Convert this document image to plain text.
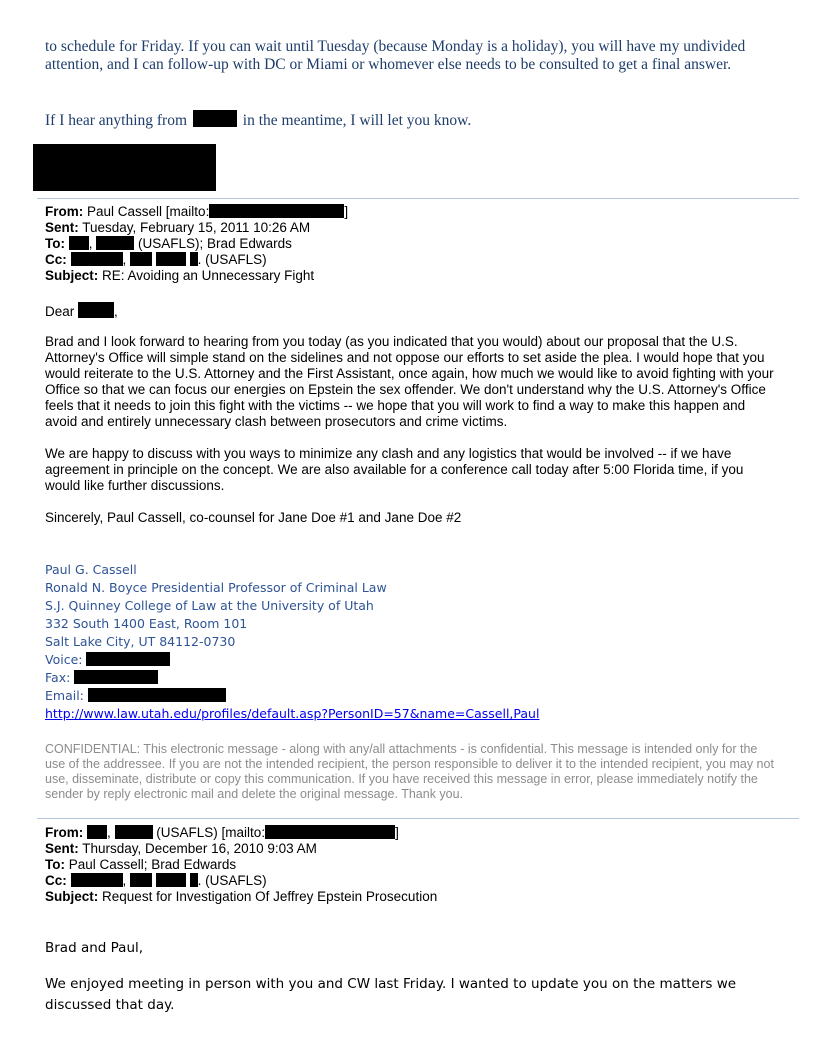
to schedule for Friday. If you can wait until Tuesday (because Monday is a holiday), you will have my undivided attention, and I can follow-up with DC or Miami or whomever else needs to be consulted to get a final answer.
If I hear anything from	in the meantime, I will let you know.
From: Paul Cassell [mailto:	]
Sent: Tuesday, February 15, 2011 10:26 AM
To: ,	(USAFLS); Brad Edwards
Cc:	,	. (USAFLS)
Subject: RE: Avoiding an Unnecessary Fight
Dear	,

Brad and I look forward to hearing from you today (as you indicated that you would) about our proposal that the U.S. Attorney's Office will simple stand on the sidelines and not oppose our efforts to set aside the plea. I would hope that you would reiterate to the U.S. Attorney and the First Assistant, once again, how much we would like to avoid fighting with your Office so that we can focus our energies on Epstein the sex offender. We don't understand why the U.S. Attorney's Office feels that it needs to join this fight with the victims -- we hope that you will work to find a way to make this happen and avoid and entirely unnecessary clash between prosecutors and crime victims.

We are happy to discuss with you ways to minimize any clash and any logistics that would be involved -- if we have agreement in principle on the concept. We are also available for a conference call today after 5:00 Florida time, if you would like further discussions.

Sincerely, Paul Cassell, co-counsel for Jane Doe #1 and Jane Doe #2

Paul G. Cassell
Ronald N. Boyce Presidential Professor of Criminal Law
S.J. Quinney College of Law at the University of Utah
332 South 1400 East, Room 101
Salt Lake City, UT 84112-0730
Voice:
Fax:
Email:
http://www.law.utah.edu/profiles/default.asp?PersonID=57&name=Cassell,Paul
CONFIDENTIAL: This electronic message - along with any/all attachments - is confidential. This message is intended only for the use of the addressee. If you are not the intended recipient, the person responsible to deliver it to the intended recipient, you may not use, disseminate, distribute or copy this communication. If you have received this message in error, please immediately notify the sender by reply electronic mail and delete the original message. Thank you.
From: ,	(USAFLS) [mailto:	]
Sent: Thursday, December 16, 2010 9:03 AM
To: Paul Cassell; Brad Edwards
Cc:	,	. (USAFLS)
Subject: Request for Investigation Of Jeffrey Epstein Prosecution
Brad and Paul,
We enjoyed meeting in person with you and CW last Friday. I wanted to update you on the matters we discussed that day.
